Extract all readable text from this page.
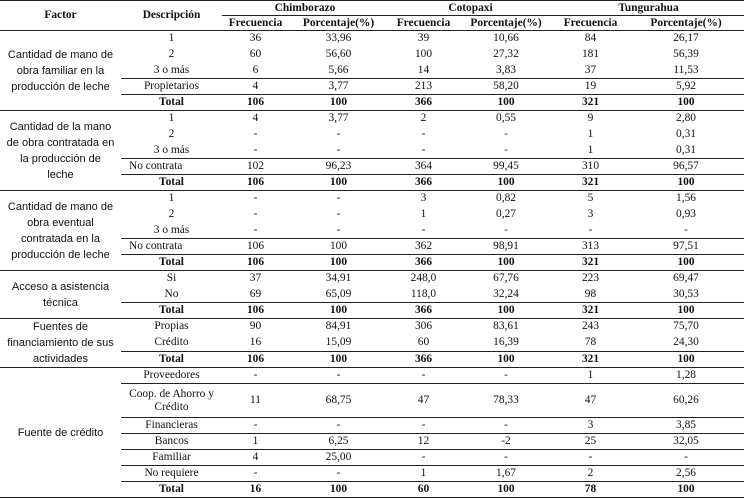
Factor	Descripción	Chimborazo		Cotopaxi		Tungurahua	
		Frecuencia	Porcentaje(%)	Frecuencia	Porcentaje(%)	Frecuencia	Porcentaje(%)
Cantidad de mano de obra familiar en la producción de leche	1	36	33,96	39	10,66	84	26,17
	2	60	56,60	100	27,32	181	56,39
	3 o más	6	5,66	14	3,83	37	11,53
	Propietarios	4	3,77	213	58,20	19	5,92
	Total	106	100	366	100	321	100
Cantidad de la mano de obra contratada en la producción de leche	1	4	3,77	2	0,55	9	2,80
	2	-	-	-	-	1	0,31
	3 o más	-	-	-	-	1	0,31
	No contrata	102	96,23	364	99,45	310	96,57
	Total	106	100	366	100	321	100
Cantidad de mano de obra eventual contratada en la producción de leche	1	-	-	3	0,82	5	1,56
	2	-	-	1	0,27	3	0,93
	3 o más	-	-	-	-	-	-
	No contrata	106	100	362	98,91	313	97,51
	Total	106	100	366	100	321	100
Acceso a asistencia técnica	Si	37	34,91	248,0	67,76	223	69,47
	No	69	65,09	118,0	32,24	98	30,53
	Total	106	100	366	100	321	100
Fuentes de financiamiento de sus actividades	Propias	90	84,91	306	83,61	243	75,70
	Crédito	16	15,09	60	16,39	78	24,30
	Total	106	100	366	100	321	100
Fuente de crédito	Proveedores	-	-	-	-	1	1,28
	Coop. de Ahorro y Crédito	11	68,75	47	78,33	47	60,26
	Financieras	-	-	-	-	3	3,85
	Bancos	1	6,25	12	-2	25	32,05
	Familiar	4	25,00	-	-	-	-
	No requiere	-	-	1	1,67	2	2,56
	Total	16	100	60	100	78	100
